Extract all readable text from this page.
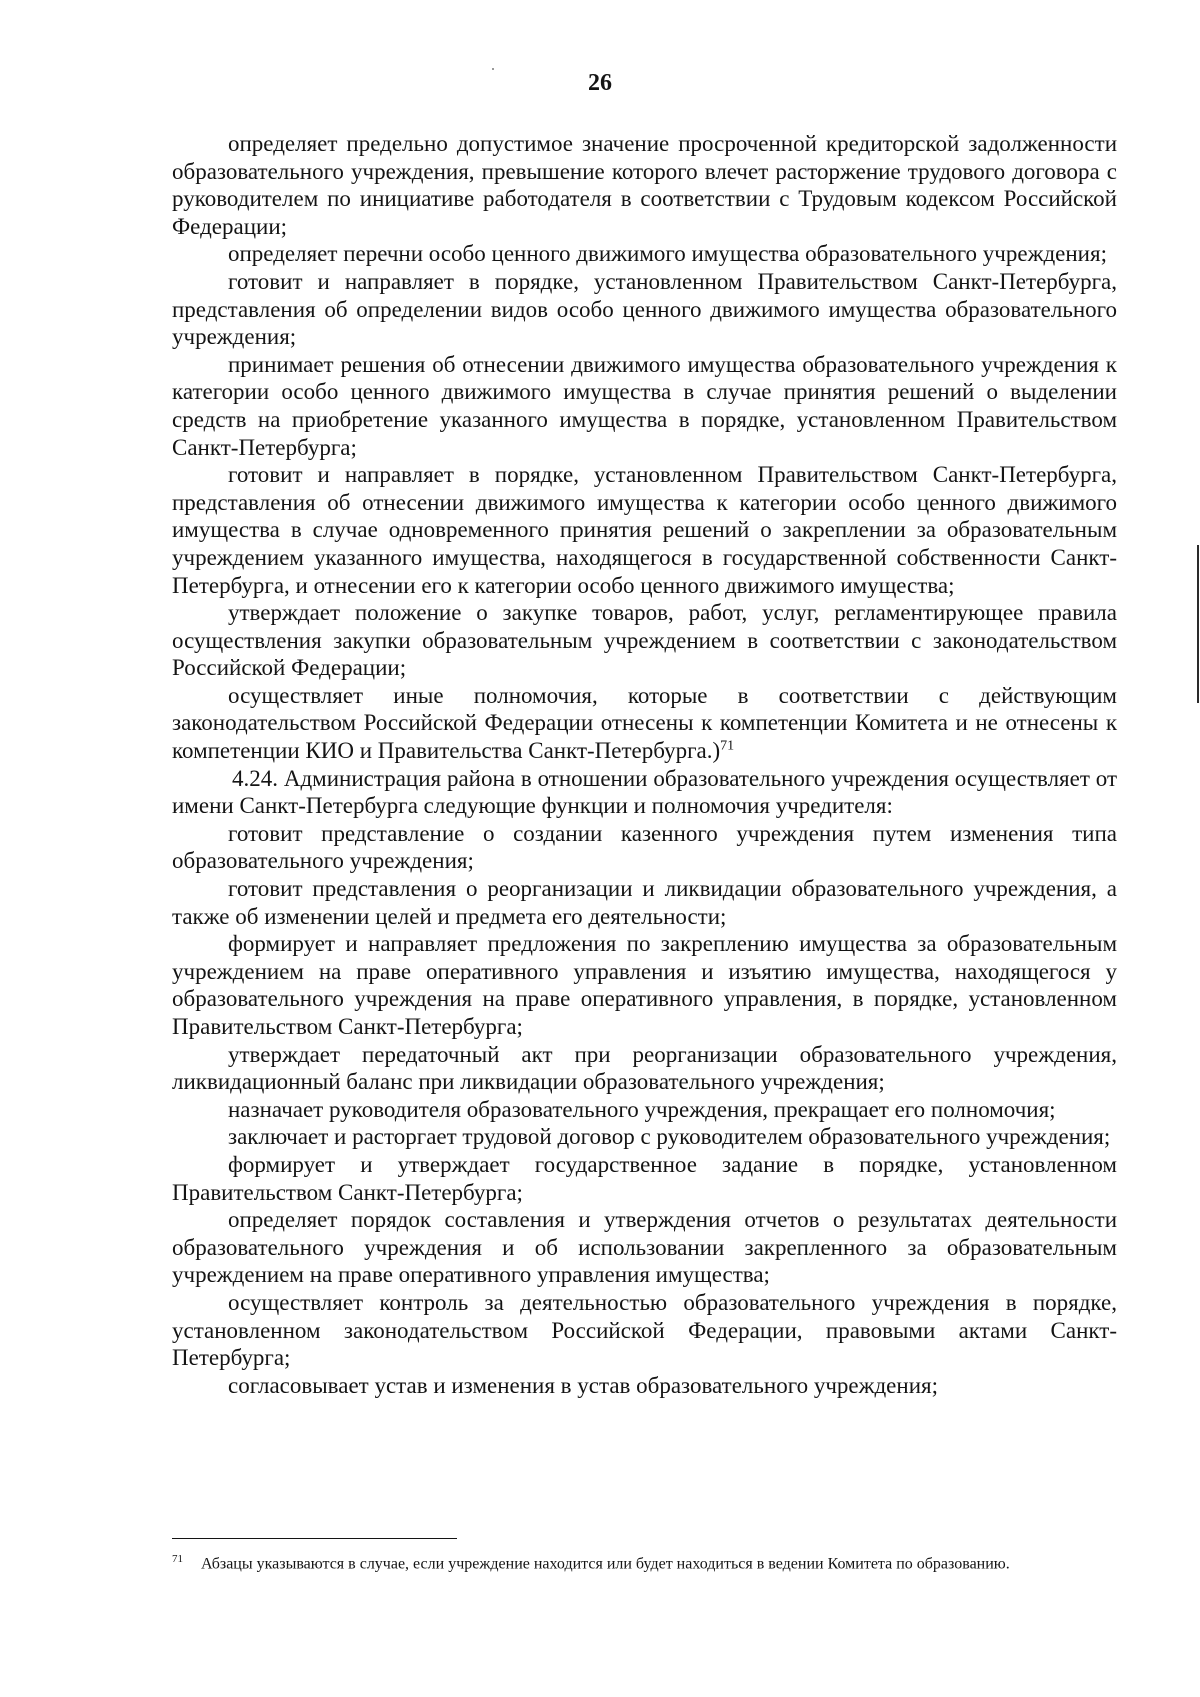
26

определяет предельно допустимое значение просроченной кредиторской задолженности образовательного учреждения, превышение которого влечет расторжение трудового договора с руководителем по инициативе работодателя в соответствии с Трудовым кодексом Российской Федерации;

определяет перечни особо ценного движимого имущества образовательного учреждения;

готовит и направляет в порядке, установленном Правительством Санкт-Петербурга, представления об определении видов особо ценного движимого имущества образовательного учреждения;

принимает решения об отнесении движимого имущества образовательного учреждения к категории особо ценного движимого имущества в случае принятия решений о выделении средств на приобретение указанного имущества в порядке, установленном Правительством Санкт-Петербурга;

готовит и направляет в порядке, установленном Правительством Санкт-Петербурга, представления об отнесении движимого имущества к категории особо ценного движимого имущества в случае одновременного принятия решений о закреплении за образовательным учреждением указанного имущества, находящегося в государственной собственности Санкт-Петербурга, и отнесении его к категории особо ценного движимого имущества;

утверждает положение о закупке товаров, работ, услуг, регламентирующее правила осуществления закупки образовательным учреждением в соответствии с законодательством Российской Федерации;

осуществляет иные полномочия, которые в соответствии с действующим законодательством Российской Федерации отнесены к компетенции Комитета и не отнесены к компетенции КИО и Правительства Санкт-Петербурга.)$^{71}$

4.24. Администрация района в отношении образовательного учреждения осуществляет от имени Санкт-Петербурга следующие функции и полномочия учредителя:

готовит представление о создании казенного учреждения путем изменения типа образовательного учреждения;

готовит представления о реорганизации и ликвидации образовательного учреждения, а также об изменении целей и предмета его деятельности;

формирует и направляет предложения по закреплению имущества за образовательным учреждением на праве оперативного управления и изъятию имущества, находящегося у образовательного учреждения на праве оперативного управления, в порядке, установленном Правительством Санкт-Петербурга;

утверждает передаточный акт при реорганизации образовательного учреждения, ликвидационный баланс при ликвидации образовательного учреждения;

назначает руководителя образовательного учреждения, прекращает его полномочия;

заключает и расторгает трудовой договор с руководителем образовательного учреждения;

формирует и утверждает государственное задание в порядке, установленном Правительством Санкт-Петербурга;

определяет порядок составления и утверждения отчетов о результатах деятельности образовательного учреждения и об использовании закрепленного за образовательным учреждением на праве оперативного управления имущества;

осуществляет контроль за деятельностью образовательного учреждения в порядке, установленном законодательством Российской Федерации, правовыми актами Санкт-Петербурга;

согласовывает устав и изменения в устав образовательного учреждения;

$^{71}$ Абзацы указываются в случае, если учреждение находится или будет находиться в ведении Комитета по образованию.
